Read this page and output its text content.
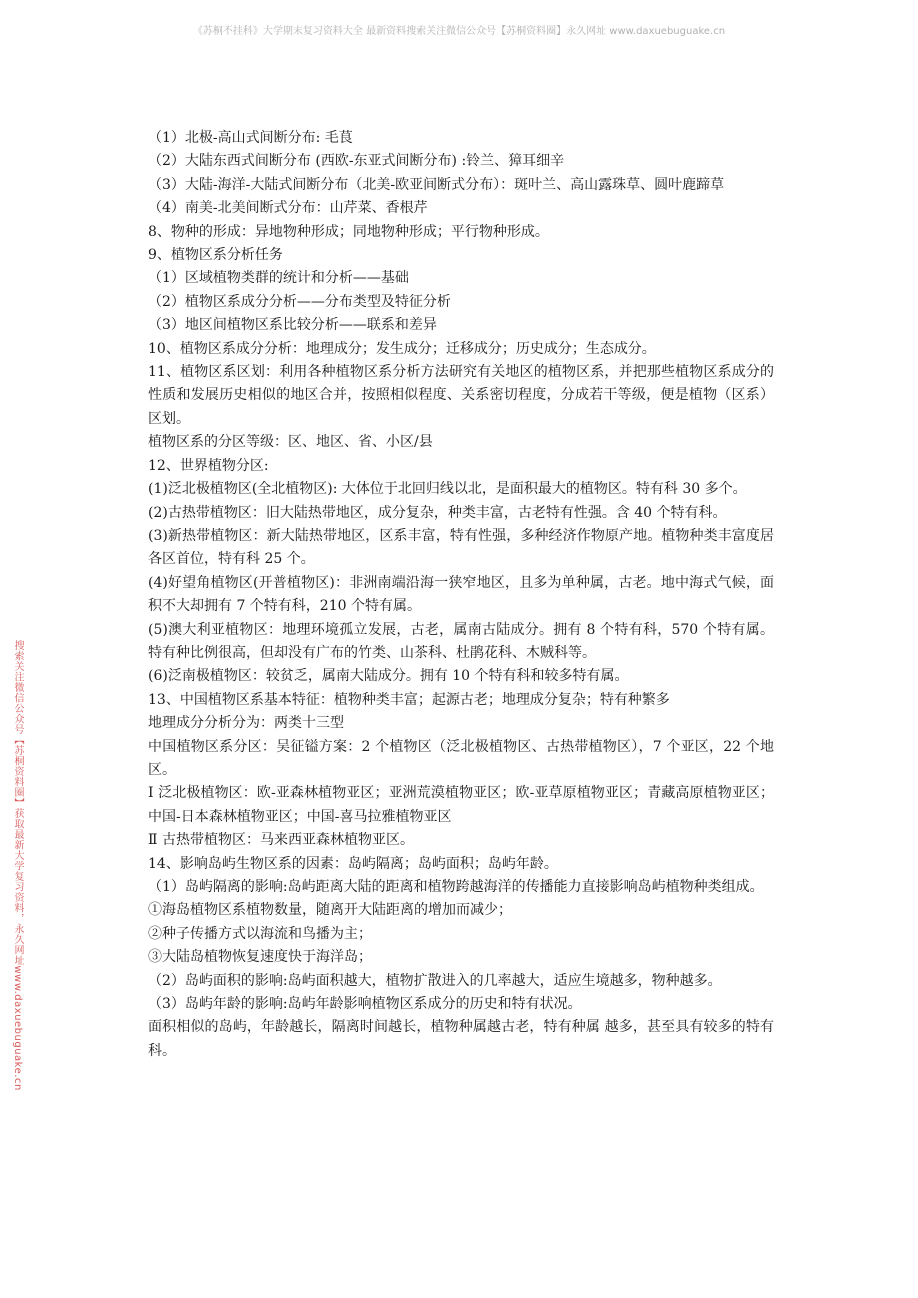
《苏桐不挂科》大学期末复习资料大全 最新资料搜索关注微信公众号【苏桐资料圈】永久网址 www.daxuebuguake.cn
搜索关注微信公众号【苏桐资料圈】获取最新大学复习资料，永久网址www.daxuebuguake.cn

（1）北极-高山式间断分布: 毛茛

（2）大陆东西式间断分布 (西欧-东亚式间断分布) :铃兰、獐耳细辛

（3）大陆-海洋-大陆式间断分布（北美-欧亚间断式分布）：斑叶兰、高山露珠草、圆叶鹿蹄草

（4）南美-北美间断式分布：山芹菜、香根芹

8、物种的形成：异地物种形成；同地物种形成；平行物种形成。

9、植物区系分析任务

（1）区域植物类群的统计和分析——基础

（2）植物区系成分分析——分布类型及特征分析

（3）地区间植物区系比较分析——联系和差异

10、植物区系成分分析：地理成分；发生成分；迁移成分；历史成分；生态成分。

11、植物区系区划：利用各种植物区系分析方法研究有关地区的植物区系，并把那些植物区系成分的性质和发展历史相似的地区合并，按照相似程度、关系密切程度，分成若干等级，便是植物（区系）区划。

植物区系的分区等级：区、地区、省、小区/县

12、世界植物分区:

(1)泛北极植物区(全北植物区): 大体位于北回归线以北，是面积最大的植物区。特有科 30 多个。

(2)古热带植物区：旧大陆热带地区，成分复杂，种类丰富，古老特有性强。含 40 个特有科。

(3)新热带植物区：新大陆热带地区，区系丰富，特有性强，多种经济作物原产地。植物种类丰富度居各区首位，特有科 25 个。

(4)好望角植物区(开普植物区)：非洲南端沿海一狭窄地区，且多为单种属，古老。地中海式气候，面积不大却拥有 7 个特有科，210 个特有属。

(5)澳大利亚植物区：地理环境孤立发展，古老，属南古陆成分。拥有 8 个特有科，570 个特有属。特有种比例很高，但却没有广布的竹类、山茶科、杜鹃花科、木贼科等。

(6)泛南极植物区：较贫乏，属南大陆成分。拥有 10 个特有科和较多特有属。

13、中国植物区系基本特征：植物种类丰富；起源古老；地理成分复杂；特有种繁多

地理成分分析分为：两类十三型

中国植物区系分区：吴征镒方案：2 个植物区（泛北极植物区、古热带植物区），7 个亚区，22 个地区。

Ⅰ 泛北极植物区：欧-亚森林植物亚区；亚洲荒漠植物亚区；欧-亚草原植物亚区；青藏高原植物亚区；中国-日本森林植物亚区；中国-喜马拉雅植物亚区

Ⅱ 古热带植物区：马来西亚森林植物亚区。

14、影响岛屿生物区系的因素：岛屿隔离；岛屿面积；岛屿年龄。

（1）岛屿隔离的影响:岛屿距离大陆的距离和植物跨越海洋的传播能力直接影响岛屿植物种类组成。

①海岛植物区系植物数量，随离开大陆距离的增加而减少；

②种子传播方式以海流和鸟播为主；

③大陆岛植物恢复速度快于海洋岛；

（2）岛屿面积的影响:岛屿面积越大，植物扩散进入的几率越大，适应生境越多，物种越多。

（3）岛屿年龄的影响:岛屿年龄影响植物区系成分的历史和特有状况。

面积相似的岛屿，年龄越长，隔离时间越长，植物种属越古老，特有种属 越多，甚至具有较多的特有科。
